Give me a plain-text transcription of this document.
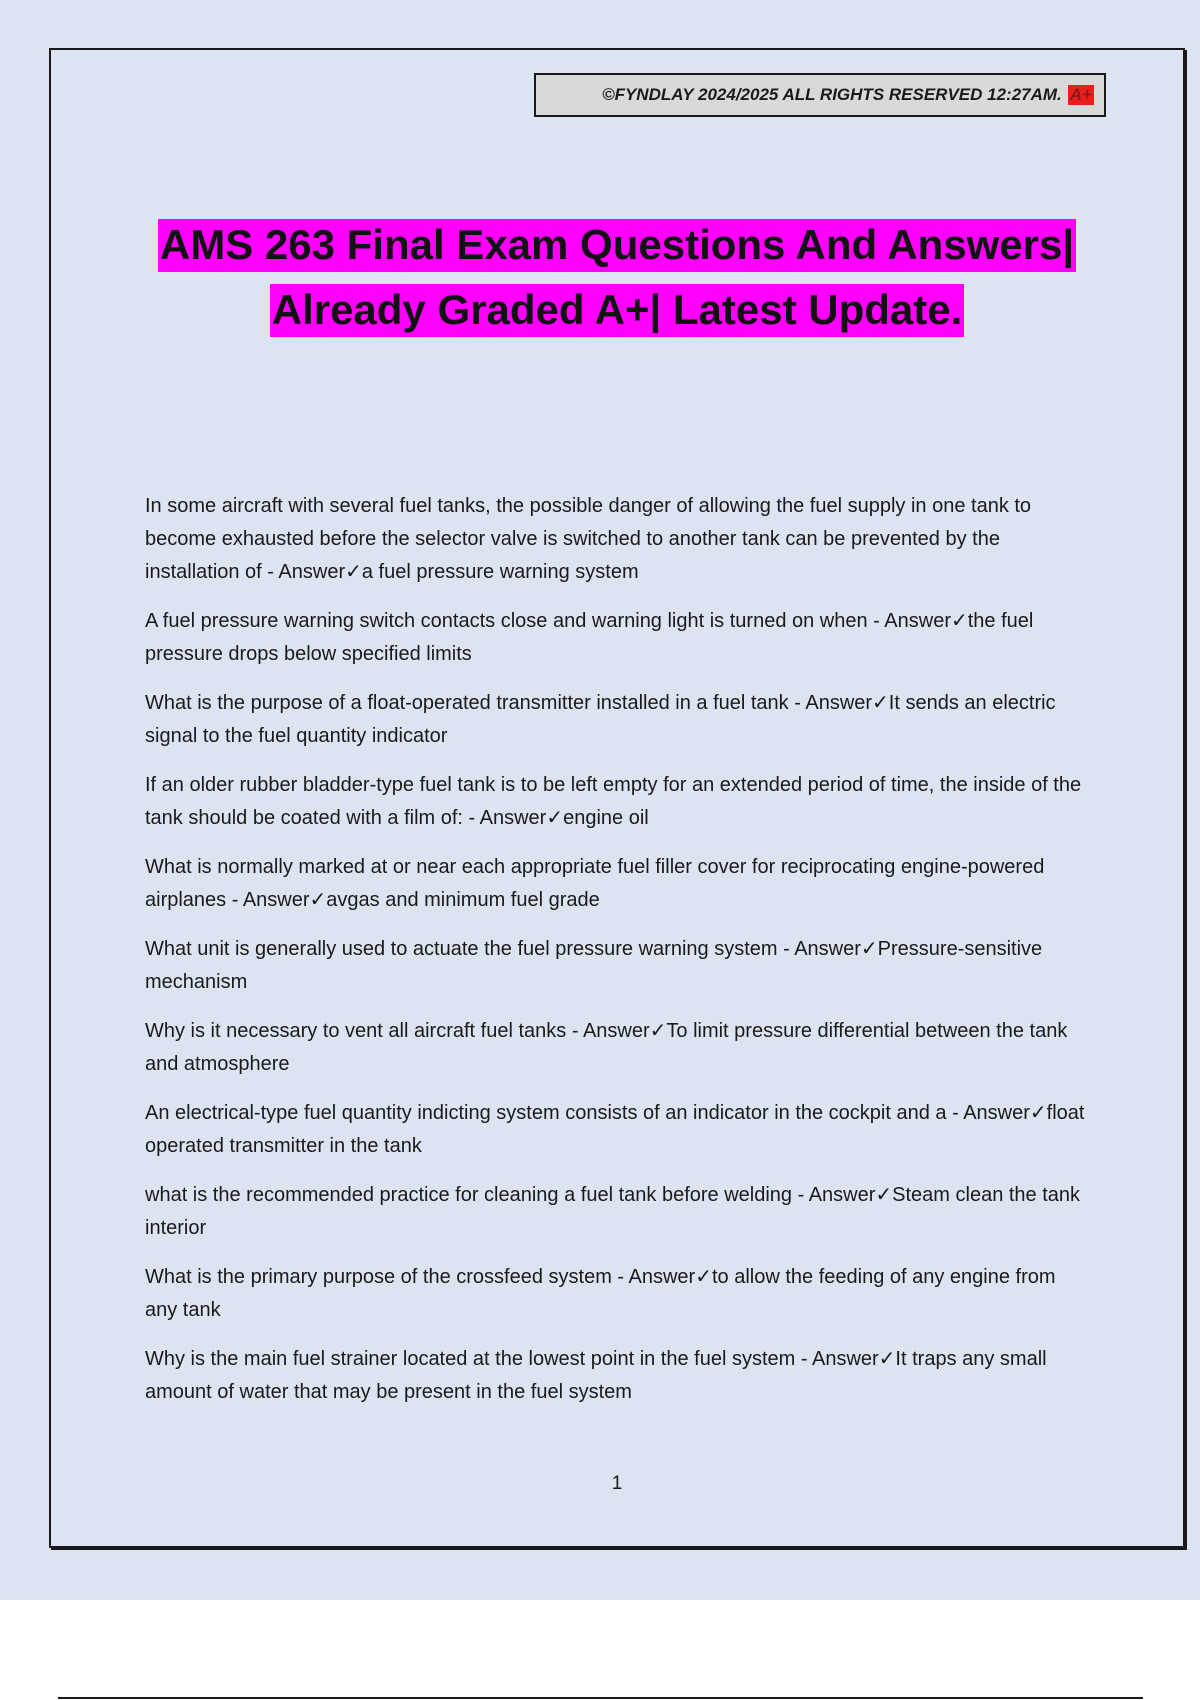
©FYNDLAY 2024/2025 ALL RIGHTS RESERVED 12:27AM. A+
AMS 263 Final Exam Questions And Answers|
Already Graded A+| Latest Update.

In some aircraft with several fuel tanks, the possible danger of allowing the fuel supply in one tank to become exhausted before the selector valve is switched to another tank can be prevented by the installation of - Answer✓a fuel pressure warning system

A fuel pressure warning switch contacts close and warning light is turned on when - Answer✓the fuel pressure drops below specified limits

What is the purpose of a float-operated transmitter installed in a fuel tank - Answer✓It sends an electric signal to the fuel quantity indicator

If an older rubber bladder-type fuel tank is to be left empty for an extended period of time, the inside of the tank should be coated with a film of: - Answer✓engine oil

What is normally marked at or near each appropriate fuel filler cover for reciprocating engine-powered airplanes - Answer✓avgas and minimum fuel grade

What unit is generally used to actuate the fuel pressure warning system - Answer✓Pressure-sensitive mechanism

Why is it necessary to vent all aircraft fuel tanks - Answer✓To limit pressure differential between the tank and atmosphere

An electrical-type fuel quantity indicting system consists of an indicator in the cockpit and a - Answer✓float operated transmitter in the tank

what is the recommended practice for cleaning a fuel tank before welding - Answer✓Steam clean the tank interior

What is the primary purpose of the crossfeed system - Answer✓to allow the feeding of any engine from any tank

Why is the main fuel strainer located at the lowest point in the fuel system - Answer✓It traps any small amount of water that may be present in the fuel system

1
